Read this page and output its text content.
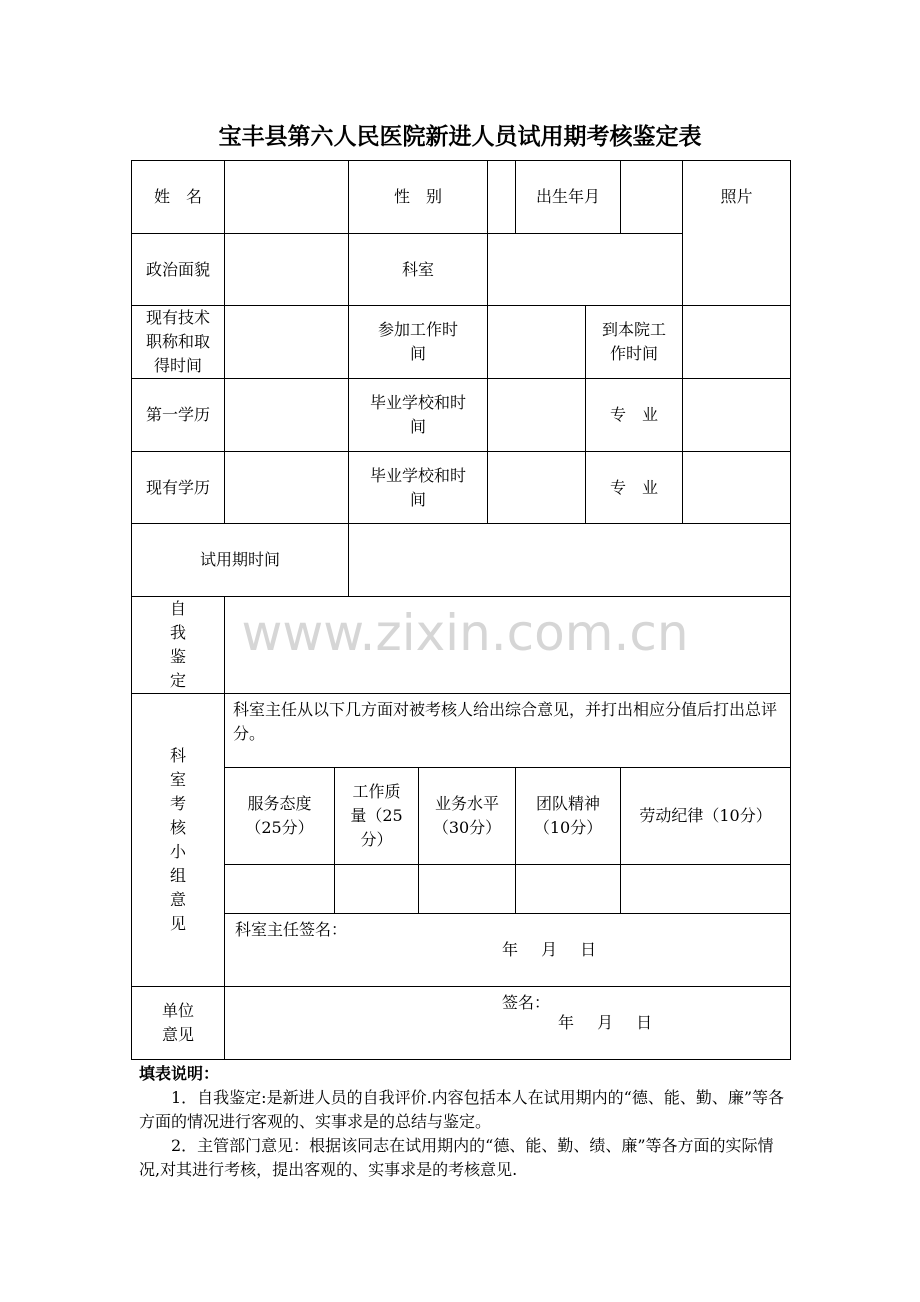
宝丰县第六人民医院新进人员试用期考核鉴定表
姓　名			性　别			出生年月			照片	
政治面貌			科室							
现有技术职称和取得时间			参加工作时间				到本院工作时间			
第一学历			毕业学校和时间				专　业			
现有学历			毕业学校和时间				专　业			
试用期时间										
自我鉴定										
科室考核小组意见	科室主任从以下几方面对被考核人给出综合意见，并打出相应分值后打出总评分。									
	服务态度（25分）	工作质量（25分）		业务水平（30分）		团队精神（10分）		劳动纪律（10分）	

	科室主任签名：
年 月 日									

单位意见	签名：
年 月 日									
www.zixin.com.cn
填表说明：

1．自我鉴定:是新进人员的自我评价.内容包括本人在试用期内的“德、能、勤、廉”等各方面的情况进行客观的、实事求是的总结与鉴定。

2．主管部门意见：根据该同志在试用期内的“德、能、勤、绩、廉”等各方面的实际情况,对其进行考核，提出客观的、实事求是的考核意见.
